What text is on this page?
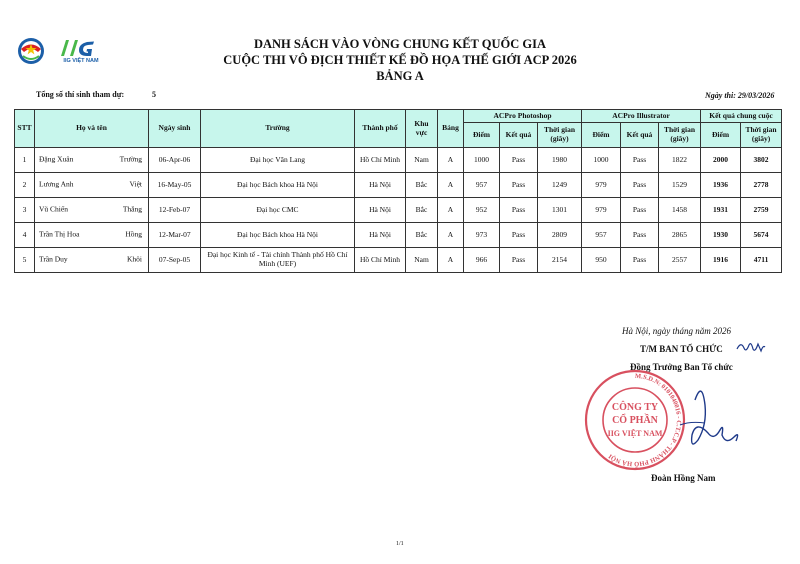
IIG VIỆT NAM
DANH SÁCH VÀO VÒNG CHUNG KẾT QUỐC GIA
CUỘC THI VÔ ĐỊCH THIẾT KẾ ĐỒ HỌA THẾ GIỚI ACP 2026
BẢNG A
Tổng số thí sinh tham dự:	5	Ngày thi: 29/03/2026
STT	Họ và tên	Ngày sinh	Trường	Thành phố	Khu vực	Bảng	ACPro Photoshop			ACPro Illustrator			Kết quả chung cuộc	
							Điểm	Kết quả	Thời gian (giây)	Điểm	Kết quả	Thời gian (giây)	Điểm	Thời gian (giây)
1	Đặng Xuân Trường	06-Apr-06	Đại học Văn Lang	Hồ Chí Minh	Nam	A	1000	Pass	1980	1000	Pass	1822	2000	3802
2	Lương Anh Việt	16-May-05	Đại học Bách khoa Hà Nội	Hà Nội	Bắc	A	957	Pass	1249	979	Pass	1529	1936	2778
3	Vũ Chiến Thắng	12-Feb-07	Đại học CMC	Hà Nội	Bắc	A	952	Pass	1301	979	Pass	1458	1931	2759
4	Trần Thị Hoa Hồng	12-Mar-07	Đại học Bách khoa Hà Nội	Hà Nội	Bắc	A	973	Pass	2809	957	Pass	2865	1930	5674
5	Trần Duy Khôi	07-Sep-05	Đại học Kinh tế - Tài chính Thành phố Hồ Chí Minh (UEF)	Hồ Chí Minh	Nam	A	966	Pass	2154	950	Pass	2557	1916	4711
Hà Nội, ngày tháng năm 2026
T/M BAN TỔ CHỨC
Đồng Trưởng Ban Tổ chức
CÔNG TY
CỔ PHẦN
IIG VIỆT NAM
M.S.D.N: 0101040016 - C.T.C.P - THÀNH PHỐ HÀ NỘI
Đoàn Hồng Nam
1/1
